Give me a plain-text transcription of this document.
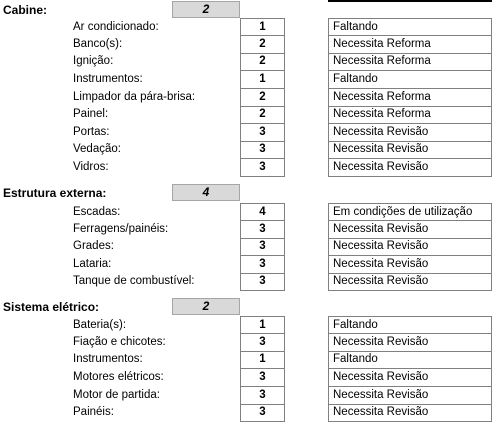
Cabine:	2
Ar condicionado:	1	Faltando
Banco(s):	2	Necessita Reforma
Ignição:	2	Necessita Reforma
Instrumentos:	1	Faltando
Limpador da pára-brisa:	2	Necessita Reforma
Painel:	2	Necessita Reforma
Portas:	3	Necessita Revisão
Vedação:	3	Necessita Revisão
Vidros:	3	Necessita Revisão
Estrutura externa:	4
Escadas:	4	Em condições de utilização
Ferragens/painéis:	3	Necessita Revisão
Grades:	3	Necessita Revisão
Lataria:	3	Necessita Revisão
Tanque de combustível:	3	Necessita Revisão
Sistema elétrico:	2
Bateria(s):	1	Faltando
Fiação e chicotes:	3	Necessita Revisão
Instrumentos:	1	Faltando
Motores elétricos:	3	Necessita Revisão
Motor de partida:	3	Necessita Revisão
Painéis:	3	Necessita Revisão
